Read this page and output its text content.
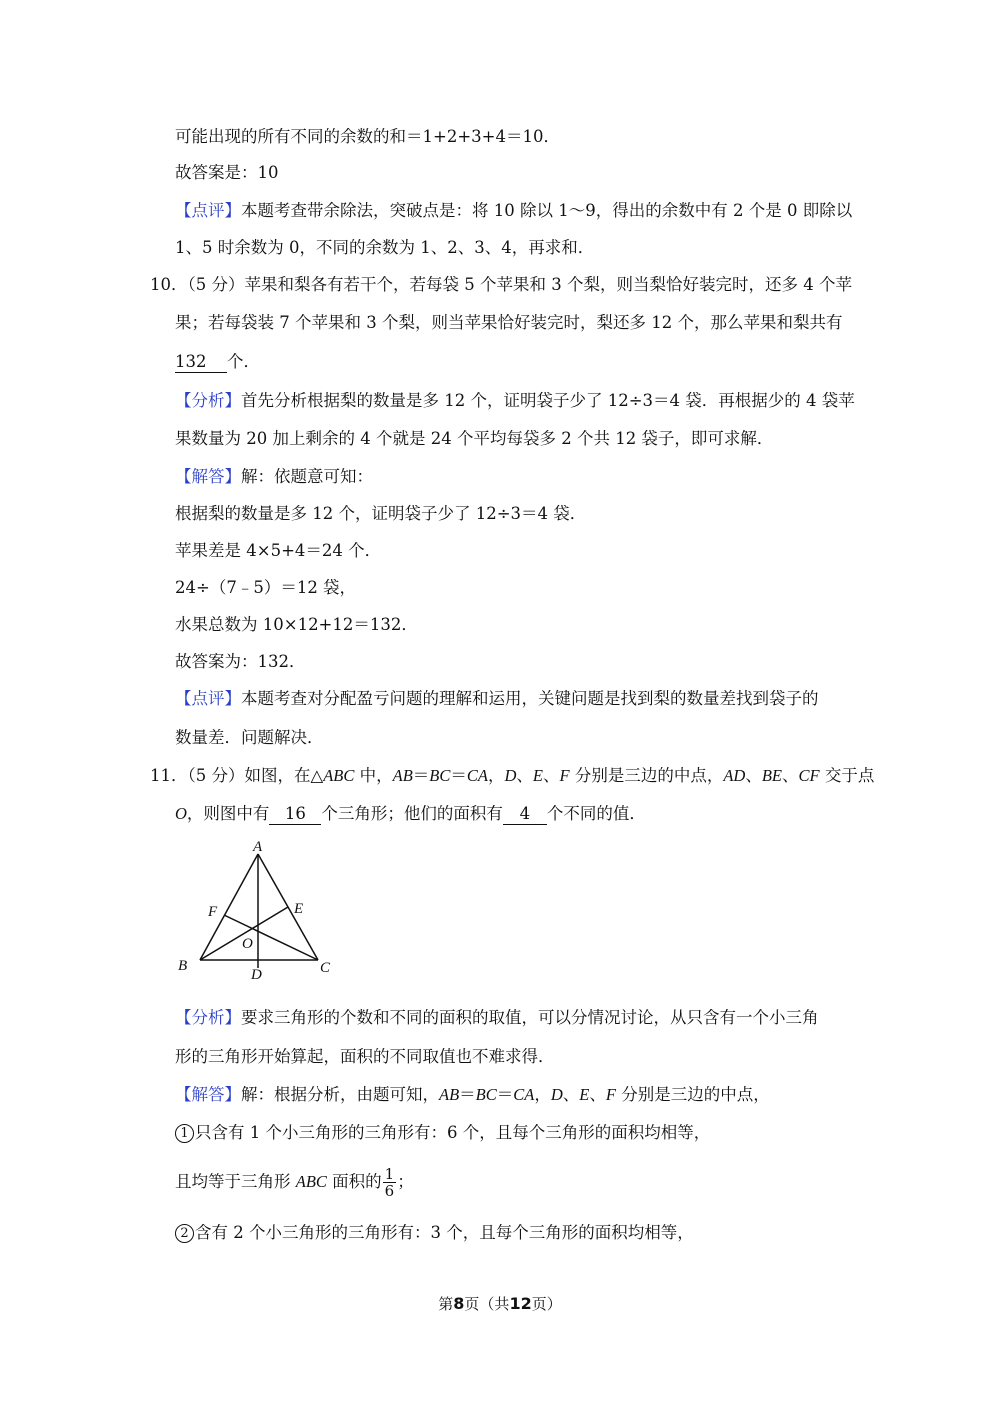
可能出现的所有不同的余数的和＝1+2+3+4＝10．
故答案是：10
【点评】本题考查带余除法，突破点是：将 10 除以 1～9，得出的余数中有 2 个是 0 即除以
1、5 时余数为 0，不同的余数为 1、2、3、4，再求和．
10．（5 分）苹果和梨各有若干个，若每袋 5 个苹果和 3 个梨，则当梨恰好装完时，还多 4 个苹
果；若每袋装 7 个苹果和 3 个梨，则当苹果恰好装完时，梨还多 12 个，那么苹果和梨共有
132 个．
【分析】首先分析根据梨的数量是多 12 个，证明袋子少了 12÷3＝4 袋．再根据少的 4 袋苹
果数量为 20 加上剩余的 4 个就是 24 个平均每袋多 2 个共 12 袋子，即可求解．
【解答】解：依题意可知：
根据梨的数量是多 12 个，证明袋子少了 12÷3＝4 袋．
苹果差是 4×5+4＝24 个．
24÷（7﹣5）＝12 袋，
水果总数为 10×12+12＝132．
故答案为：132．
【点评】本题考查对分配盈亏问题的理解和运用，关键问题是找到梨的数量差找到袋子的
数量差．问题解决．
11．（5 分）如图，在△ABC 中，AB＝BC＝CA，D、E、F 分别是三边的中点，AD、BE、CF 交于点
O，则图中有 16 个三角形；他们的面积有 4 个不同的值．
A
B	C
D
E
F
O
【分析】要求三角形的个数和不同的面积的取值，可以分情况讨论，从只含有一个小三角
形的三角形开始算起，面积的不同取值也不难求得．
【解答】解：根据分析，由题可知，AB＝BC＝CA，D、E、F 分别是三边的中点，
1 只含有 1 个小三角形的三角形有：6 个，且每个三角形的面积均相等，
且均等于三角形 ABC 面积的 $\frac{1}{6}$ ；
2 含有 2 个小三角形的三角形有：3 个，且每个三角形的面积均相等，
第8页（共12页）
